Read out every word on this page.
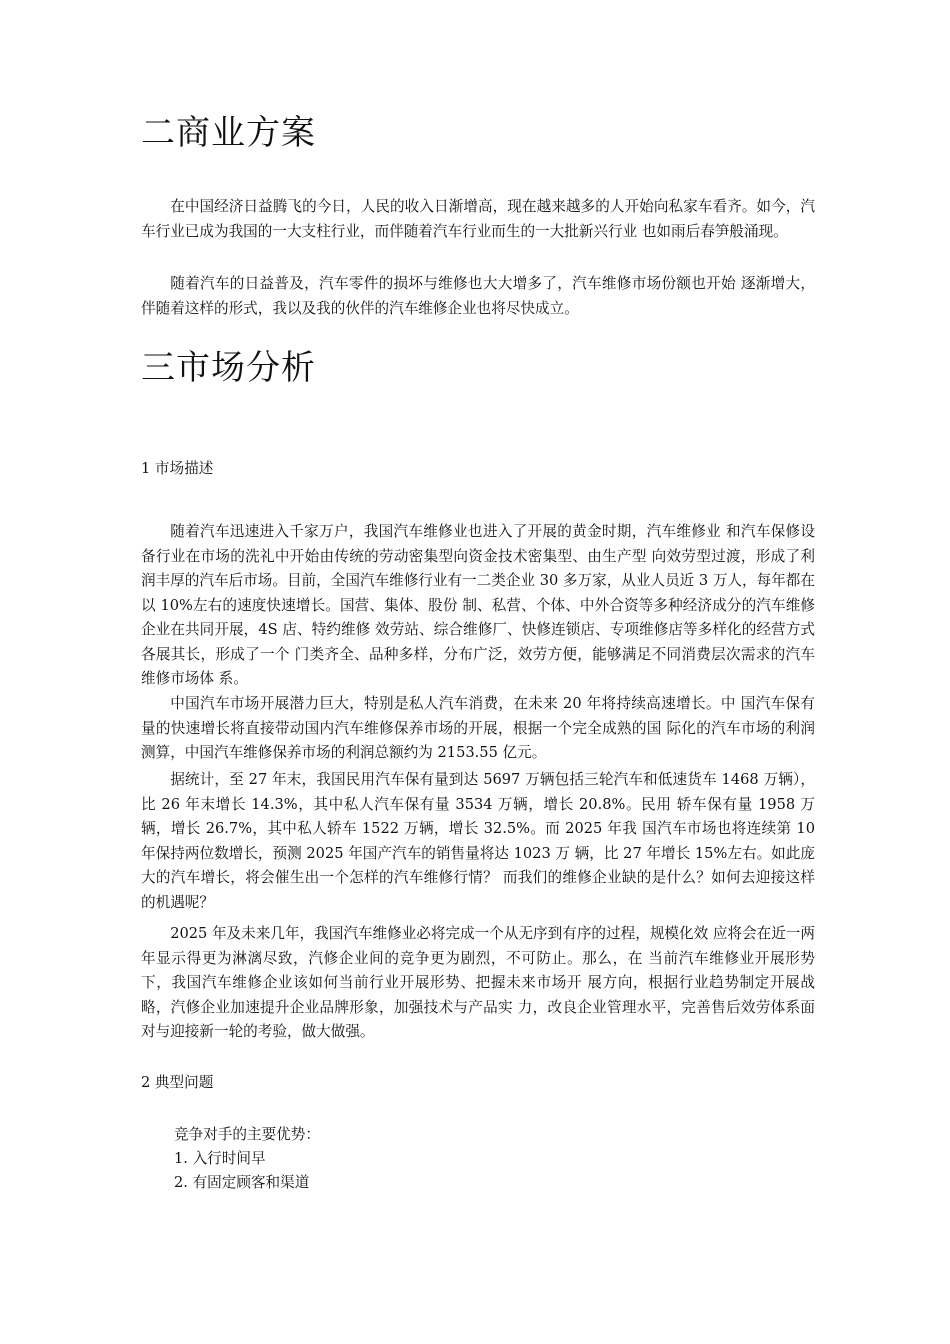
二商业方案

在中国经济日益腾飞的今日，人民的收入日渐增高，现在越来越多的人开始向私家车看齐。如今，汽车行业已成为我国的一大支柱行业，而伴随着汽车行业而生的一大批新兴行业 也如雨后春笋般涌现。

随着汽车的日益普及，汽车零件的损坏与维修也大大增多了，汽车维修市场份额也开始 逐渐增大，伴随着这样的形式，我以及我的伙伴的汽车维修企业也将尽快成立。

三市场分析

1 市场描述

随着汽车迅速进入千家万户，我国汽车维修业也进入了开展的黄金时期，汽车维修业 和汽车保修设备行业在市场的洗礼中开始由传统的劳动密集型向资金技术密集型、由生产型 向效劳型过渡，形成了利润丰厚的汽车后市场。目前，全国汽车维修行业有一二类企业 30 多万家，从业人员近 3 万人，每年都在以 10%左右的速度快速增长。国营、集体、股份 制、私营、个体、中外合资等多种经济成分的汽车维修企业在共同开展，4S 店、特约维修 效劳站、综合维修厂、快修连锁店、专项维修店等多样化的经营方式各展其长，形成了一个 门类齐全、品种多样，分布广泛，效劳方便，能够满足不同消费层次需求的汽车维修市场体 系。

中国汽车市场开展潜力巨大，特别是私人汽车消费，在未来 20 年将持续高速增长。中 国汽车保有量的快速增长将直接带动国内汽车维修保养市场的开展，根据一个完全成熟的国 际化的汽车市场的利润测算，中国汽车维修保养市场的利润总额约为 2153.55 亿元。

据统计，至 27 年末，我国民用汽车保有量到达 5697 万辆包括三轮汽车和低速货车 1468 万辆），比 26 年末增长 14.3%，其中私人汽车保有量 3534 万辆，增长 20.8%。民用 轿车保有量 1958 万辆，增长 26.7%，其中私人轿车 1522 万辆，增长 32.5%。而 2025 年我 国汽车市场也将连续第 10 年保持两位数增长，预测 2025 年国产汽车的销售量将达 1023 万 辆，比 27 年增长 15%左右。如此庞大的汽车增长，将会催生出一个怎样的汽车维修行情？ 而我们的维修企业缺的是什么？如何去迎接这样的机遇呢？

2025 年及未来几年，我国汽车维修业必将完成一个从无序到有序的过程，规模化效 应将会在近一两年显示得更为淋漓尽致，汽修企业间的竞争更为剧烈，不可防止。那么，在 当前汽车维修业开展形势下，我国汽车维修企业该如何当前行业开展形势、把握未来市场开 展方向，根据行业趋势制定开展战略，汽修企业加速提升企业品牌形象，加强技术与产品实 力，改良企业管理水平，完善售后效劳体系面对与迎接新一轮的考验，做大做强。

2 典型问题

竞争对手的主要优势：

1. 入行时间早

2. 有固定顾客和渠道
